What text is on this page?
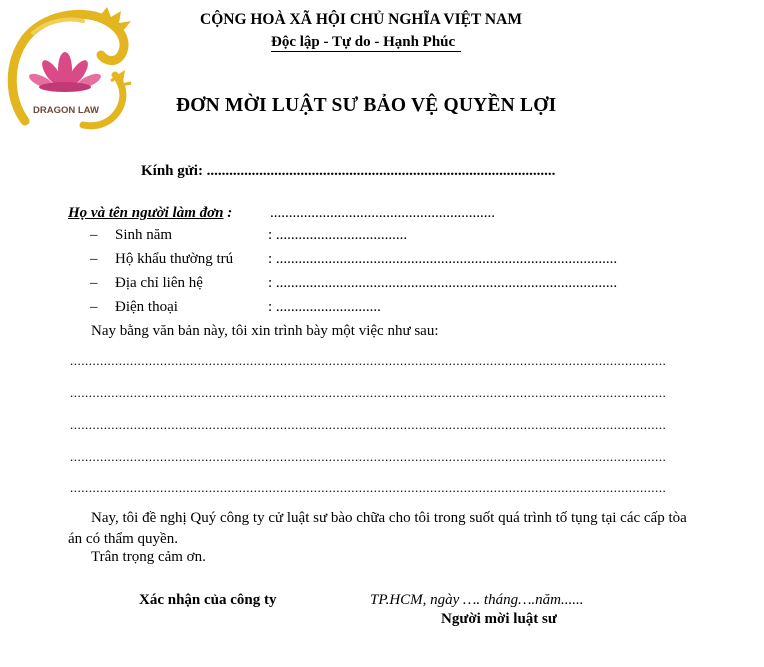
DRAGON LAW
CỘNG HOÀ XÃ HỘI CHỦ NGHĨA VIỆT NAM
Độc lập - Tự do - Hạnh Phúc
ĐƠN MỜI LUẬT SƯ BẢO VỆ QUYỀN LỢI
Kính gửi: .............................................................................................
Họ và tên người làm đơn :	............................................................
– Sinh năm	: ...................................
– Hộ khẩu thường trú : ...........................................................................................
– Địa chỉ liên hệ	: ...........................................................................................
– Điện thoại	: ............................
Nay bằng văn bản này, tôi xin trình bày một việc như sau:
...............................................................................................................................................................
...............................................................................................................................................................
...............................................................................................................................................................
...............................................................................................................................................................
...............................................................................................................................................................
Nay, tôi đề nghị Quý công ty cử luật sư bào chữa cho tôi trong suốt quá trình tố tụng tại các cấp tòa án có thẩm quyền.
Trân trọng cảm ơn.
Xác nhận của công ty	TP.HCM, ngày …. tháng….năm......
Người mời luật sư
